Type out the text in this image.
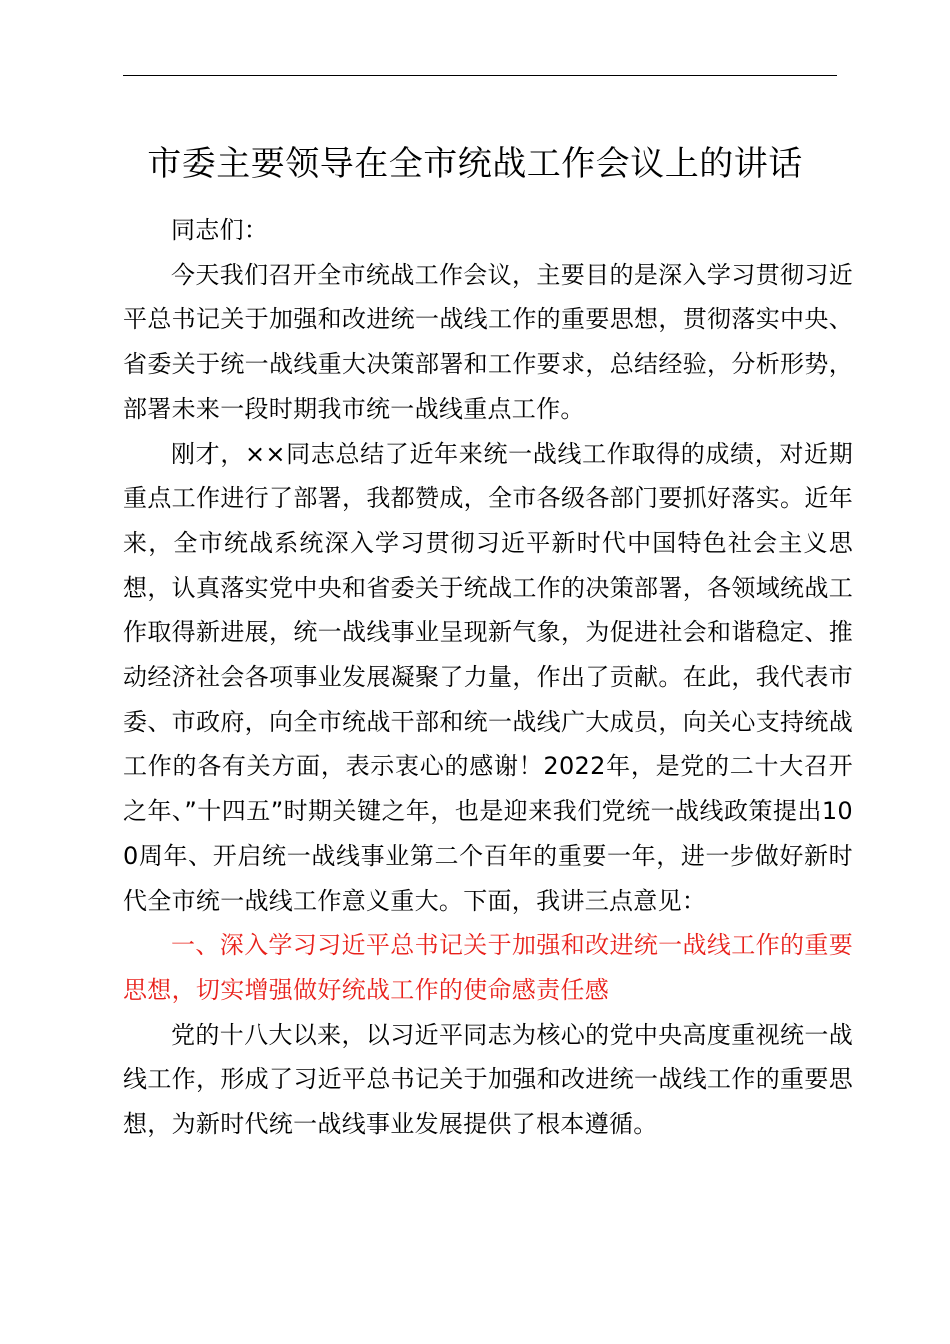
市委主要领导在全市统战工作会议上的讲话

同志们：

今天我们召开全市统战工作会议，主要目的是深入学习贯彻习近平总书记关于加强和改进统一战线工作的重要思想，贯彻落实中央、省委关于统一战线重大决策部署和工作要求，总结经验，分析形势，部署未来一段时期我市统一战线重点工作。

刚才，××同志总结了近年来统一战线工作取得的成绩，对近期重点工作进行了部署，我都赞成，全市各级各部门要抓好落实。近年来，全市统战系统深入学习贯彻习近平新时代中国特色社会主义思想，认真落实党中央和省委关于统战工作的决策部署，各领域统战工作取得新进展，统一战线事业呈现新气象，为促进社会和谐稳定、推动经济社会各项事业发展凝聚了力量，作出了贡献。在此，我代表市委、市政府，向全市统战干部和统一战线广大成员，向关心支持统战工作的各有关方面，表示衷心的感谢！2022年，是党的二十大召开之年、”十四五”时期关键之年，也是迎来我们党统一战线政策提出100周年、开启统一战线事业第二个百年的重要一年，进一步做好新时代全市统一战线工作意义重大。下面，我讲三点意见：

一、深入学习习近平总书记关于加强和改进统一战线工作的重要思想，切实增强做好统战工作的使命感责任感

党的十八大以来，以习近平同志为核心的党中央高度重视统一战线工作，形成了习近平总书记关于加强和改进统一战线工作的重要思想，为新时代统一战线事业发展提供了根本遵循。
